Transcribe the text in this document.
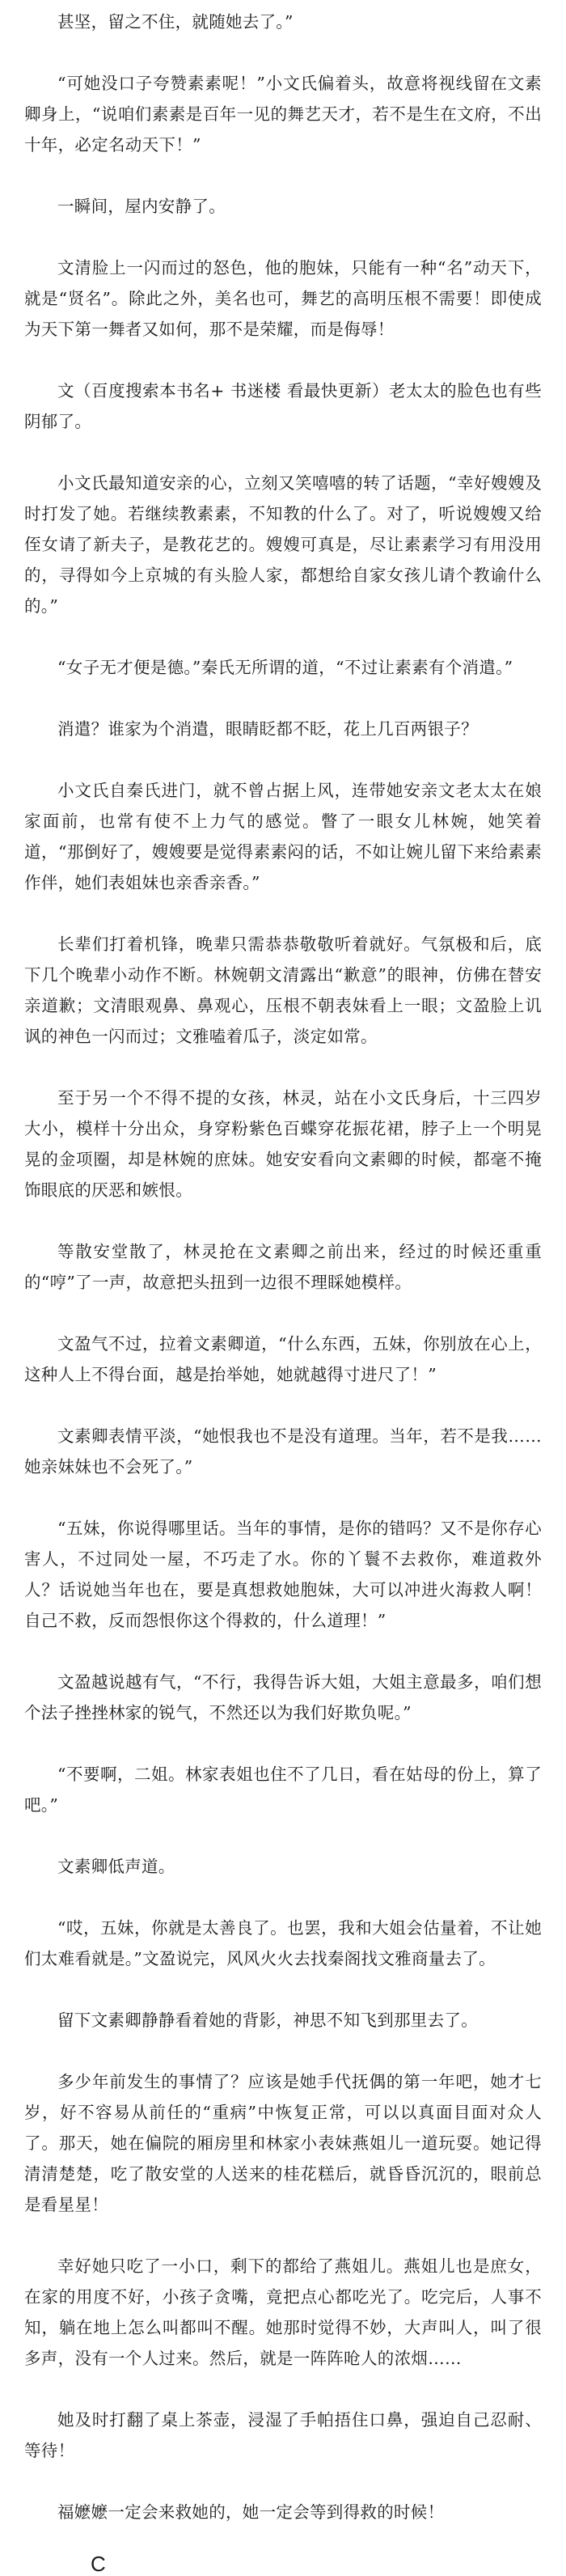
甚坚，留之不住，就随她去了。”

“可她没口子夸赞素素呢！”小文氏偏着头，故意将视线留在文素卿身上，“说咱们素素是百年一见的舞艺天才，若不是生在文府，不出十年，必定名动天下！”

一瞬间，屋内安静了。

文清脸上一闪而过的怒色，他的胞妹，只能有一种“名”动天下，就是“贤名”。除此之外，美名也可，舞艺的高明压根不需要！即使成为天下第一舞者又如何，那不是荣耀，而是侮辱！

文（百度搜索本书名+ 书迷楼 看最快更新）老太太的脸色也有些阴郁了。

小文氏最知道安亲的心，立刻又笑嘻嘻的转了话题，“幸好嫂嫂及时打发了她。若继续教素素，不知教的什么了。对了，听说嫂嫂又给侄女请了新夫子，是教花艺的。嫂嫂可真是，尽让素素学习有用没用的，寻得如今上京城的有头脸人家，都想给自家女孩儿请个教谕什么的。”

“女子无才便是德。”秦氏无所谓的道，“不过让素素有个消遣。”

消遣？谁家为个消遣，眼睛眨都不眨，花上几百两银子？

小文氏自秦氏进门，就不曾占据上风，连带她安亲文老太太在娘家面前，也常有使不上力气的感觉。瞥了一眼女儿林婉，她笑着道，“那倒好了，嫂嫂要是觉得素素闷的话，不如让婉儿留下来给素素作伴，她们表姐妹也亲香亲香。”

长辈们打着机锋，晚辈只需恭恭敬敬听着就好。气氛极和后，底下几个晚辈小动作不断。林婉朝文清露出“歉意”的眼神，仿佛在替安亲道歉；文清眼观鼻、鼻观心，压根不朝表妹看上一眼；文盈脸上讥讽的神色一闪而过；文雅嗑着瓜子，淡定如常。

至于另一个不得不提的女孩，林灵，站在小文氏身后，十三四岁大小，模样十分出众，身穿粉紫色百蝶穿花振花裙，脖子上一个明晃晃的金项圈，却是林婉的庶妹。她安安看向文素卿的时候，都毫不掩饰眼底的厌恶和嫉恨。

等散安堂散了，林灵抢在文素卿之前出来，经过的时候还重重的“哼”了一声，故意把头扭到一边很不理睬她模样。

文盈气不过，拉着文素卿道，“什么东西，五妹，你别放在心上，这种人上不得台面，越是抬举她，她就越得寸进尺了！”

文素卿表情平淡，“她恨我也不是没有道理。当年，若不是我……她亲妹妹也不会死了。”

“五妹，你说得哪里话。当年的事情，是你的错吗？又不是你存心害人，不过同处一屋，不巧走了水。你的丫鬟不去救你，难道救外人？话说她当年也在，要是真想救她胞妹，大可以冲进火海救人啊！自己不救，反而怨恨你这个得救的，什么道理！”

文盈越说越有气，“不行，我得告诉大姐，大姐主意最多，咱们想个法子挫挫林家的锐气，不然还以为我们好欺负呢。”

“不要啊，二姐。林家表姐也住不了几日，看在姑母的份上，算了吧。”

文素卿低声道。

“哎，五妹，你就是太善良了。也罢，我和大姐会估量着，不让她们太难看就是。”文盈说完，风风火火去找秦阁找文雅商量去了。

留下文素卿静静看着她的背影，神思不知飞到那里去了。

多少年前发生的事情了？应该是她手代抚偶的第一年吧，她才七岁，好不容易从前任的“重病”中恢复正常，可以以真面目面对众人了。那天，她在偏院的厢房里和林家小表妹燕姐儿一道玩耍。她记得清清楚楚，吃了散安堂的人送来的桂花糕后，就昏昏沉沉的，眼前总是看星星！

幸好她只吃了一小口，剩下的都给了燕姐儿。燕姐儿也是庶女，在家的用度不好，小孩子贪嘴，竟把点心都吃光了。吃完后，人事不知，躺在地上怎么叫都叫不醒。她那时觉得不妙，大声叫人，叫了很多声，没有一个人过来。然后，就是一阵阵呛人的浓烟……

她及时打翻了桌上茶壶，浸湿了手帕捂住口鼻，强迫自己忍耐、等待！

福嬷嬷一定会来救她的，她一定会等到得救的时候！

C
